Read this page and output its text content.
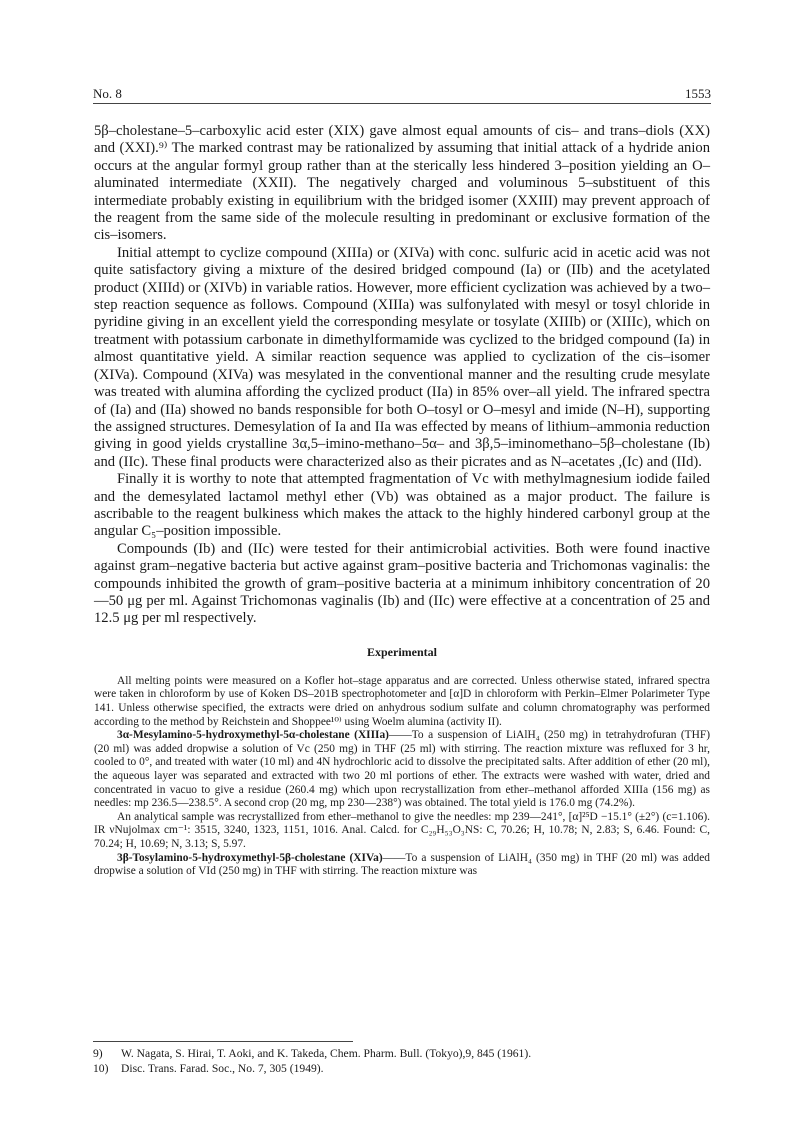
No. 8	1553

5β–cholestane–5–carboxylic acid ester (XIX) gave almost equal amounts of cis– and trans–diols (XX) and (XXI).⁹⁾ The marked contrast may be rationalized by assuming that initial attack of a hydride anion occurs at the angular formyl group rather than at the sterically less hindered 3–position yielding an O–aluminated intermediate (XXII). The negatively charged and voluminous 5–substituent of this intermediate probably existing in equilibrium with the bridged isomer (XXIII) may prevent approach of the reagent from the same side of the molecule resulting in predominant or exclusive formation of the cis–isomers.

Initial attempt to cyclize compound (XIIIa) or (XIVa) with conc. sulfuric acid in acetic acid was not quite satisfactory giving a mixture of the desired bridged compound (Ia) or (IIb) and the acetylated product (XIIId) or (XIVb) in variable ratios. However, more efficient cyclization was achieved by a two–step reaction sequence as follows. Compound (XIIIa) was sulfonylated with mesyl or tosyl chloride in pyridine giving in an excellent yield the corresponding mesylate or tosylate (XIIIb) or (XIIIc), which on treatment with potassium carbonate in dimethylformamide was cyclized to the bridged compound (Ia) in almost quantitative yield. A similar reaction sequence was applied to cyclization of the cis–isomer (XIVa). Compound (XIVa) was mesylated in the conventional manner and the resulting crude mesylate was treated with alumina affording the cyclized product (IIa) in 85% over–all yield. The infrared spectra of (Ia) and (IIa) showed no bands responsible for both O–tosyl or O–mesyl and imide (N–H), supporting the assigned structures. Demesylation of Ia and IIa was effected by means of lithium–ammonia reduction giving in good yields crystalline 3α,5–imino-methano–5α– and 3β,5–iminomethano–5β–cholestane (Ib) and (IIc). These final products were characterized also as their picrates and as N–acetates ,(Ic) and (IId).

Finally it is worthy to note that attempted fragmentation of Vc with methylmagnesium iodide failed and the demesylated lactamol methyl ether (Vb) was obtained as a major product. The failure is ascribable to the reagent bulkiness which makes the attack to the highly hindered carbonyl group at the angular C₅–position impossible.

Compounds (Ib) and (IIc) were tested for their antimicrobial activities. Both were found inactive against gram–negative bacteria but active against gram–positive bacteria and Trichomonas vaginalis: the compounds inhibited the growth of gram–positive bacteria at a minimum inhibitory concentration of 20—50 μg per ml. Against Trichomonas vaginalis (Ib) and (IIc) were effective at a concentration of 25 and 12.5 μg per ml respectively.

Experimental

All melting points were measured on a Kofler hot–stage apparatus and are corrected. Unless otherwise stated, infrared spectra were taken in chloroform by use of Koken DS–201B spectrophotometer and [α]D in chloroform with Perkin–Elmer Polarimeter Type 141. Unless otherwise specified, the extracts were dried on anhydrous sodium sulfate and column chromatography was performed according to the method by Reichstein and Shoppee¹⁰⁾ using Woelm alumina (activity II).

3α-Mesylamino-5-hydroxymethyl-5α-cholestane (XIIIa)——To a suspension of LiAlH₄ (250 mg) in tetrahydrofuran (THF) (20 ml) was added dropwise a solution of Vc (250 mg) in THF (25 ml) with stirring. The reaction mixture was refluxed for 3 hr, cooled to 0°, and treated with water (10 ml) and 4N hydrochloric acid to dissolve the precipitated salts. After addition of ether (20 ml), the aqueous layer was separated and extracted with two 20 ml portions of ether. The extracts were washed with water, dried and concentrated in vacuo to give a residue (260.4 mg) which upon recrystallization from ether–methanol afforded XIIIa (156 mg) as needles: mp 236.5—238.5°. A second crop (20 mg, mp 230—238°) was obtained. The total yield is 176.0 mg (74.2%).

An analytical sample was recrystallized from ether–methanol to give the needles: mp 239—241°, [α]²⁵D −15.1° (±2°) (c=1.106). IR νNujolmax cm⁻¹: 3515, 3240, 1323, 1151, 1016. Anal. Calcd. for C₂₉H₅₃O₃NS: C, 70.26; H, 10.78; N, 2.83; S, 6.46. Found: C, 70.24; H, 10.69; N, 3.13; S, 5.97.

3β-Tosylamino-5-hydroxymethyl-5β-cholestane (XIVa)——To a suspension of LiAlH₄ (350 mg) in THF (20 ml) was added dropwise a solution of VId (250 mg) in THF with stirring. The reaction mixture was

9) W. Nagata, S. Hirai, T. Aoki, and K. Takeda, Chem. Pharm. Bull. (Tokyo),9, 845 (1961).

10) Disc. Trans. Farad. Soc., No. 7, 305 (1949).
